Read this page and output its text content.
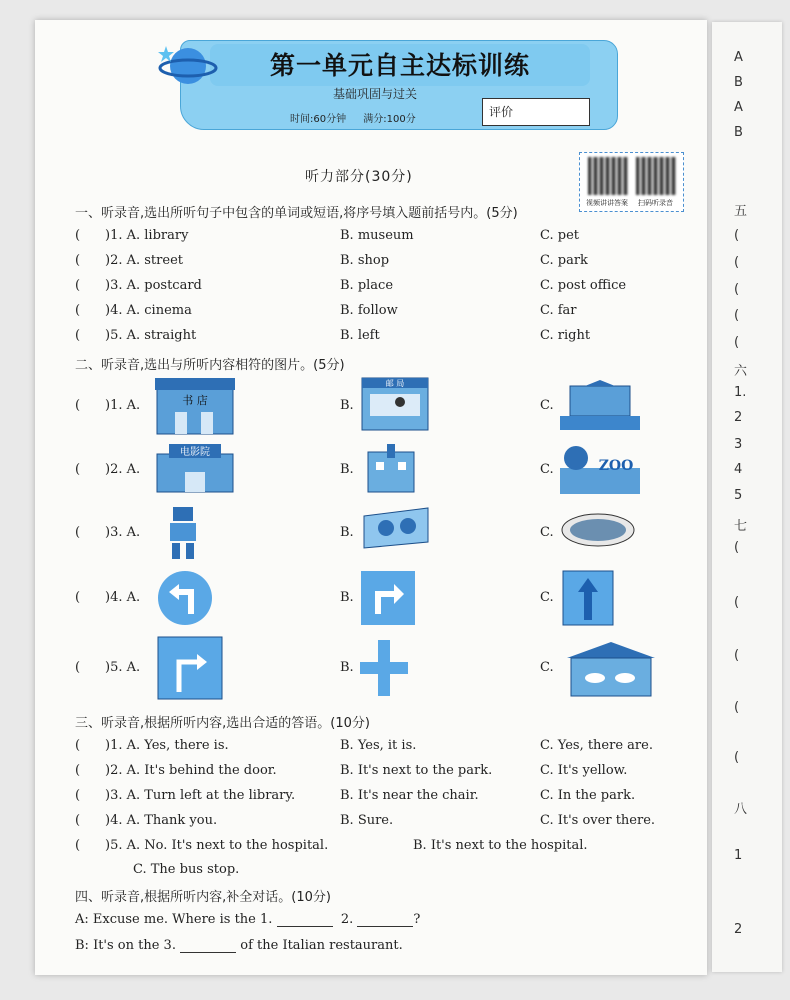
A
B
A
B
五
(
(
(
(
(
六
1.
2
3
4
5
七
(
(
(
(
(
八
1
2
第一单元自主达标训练
基础巩固与过关
时间:60分钟 满分:100分
评价
视频讲讲答案 扫码听录音
听力部分(30分)
一、听录音,选出所听句子中包含的单词或短语,将序号填入题前括号内。(5分)
( )1. A. library	B. museum	C. pet
( )2. A. street	B. shop	C. park
( )3. A. postcard	B. place	C. post office
( )4. A. cinema	B. follow	C. far
( )5. A. straight	B. left	C. right
二、听录音,选出与所听内容相符的图片。(5分)
( )1. A.	B.	C.
( )2. A.	B.	C.
( )3. A.	B.	C.
( )4. A.	B.	C.
( )5. A.	B.	C.
书 店
邮 局
电影院
ZOO
三、听录音,根据所听内容,选出合适的答语。(10分)
( )1. A. Yes, there is.	B. Yes, it is.	C. Yes, there are.
( )2. A. It's behind the door.	B. It's next to the park.	C. It's yellow.
( )3. A. Turn left at the library.	B. It's near the chair.	C. In the park.
( )4. A. Thank you.	B. Sure.	C. It's over there.
( )5. A. No. It's next to the hospital.	B. It's next to the hospital.
C. The bus stop.
四、听录音,根据所听内容,补全对话。(10分)
A: Excuse me. Where is the 1.	2.	?
B: It's on the 3.	of the Italian restaurant.
